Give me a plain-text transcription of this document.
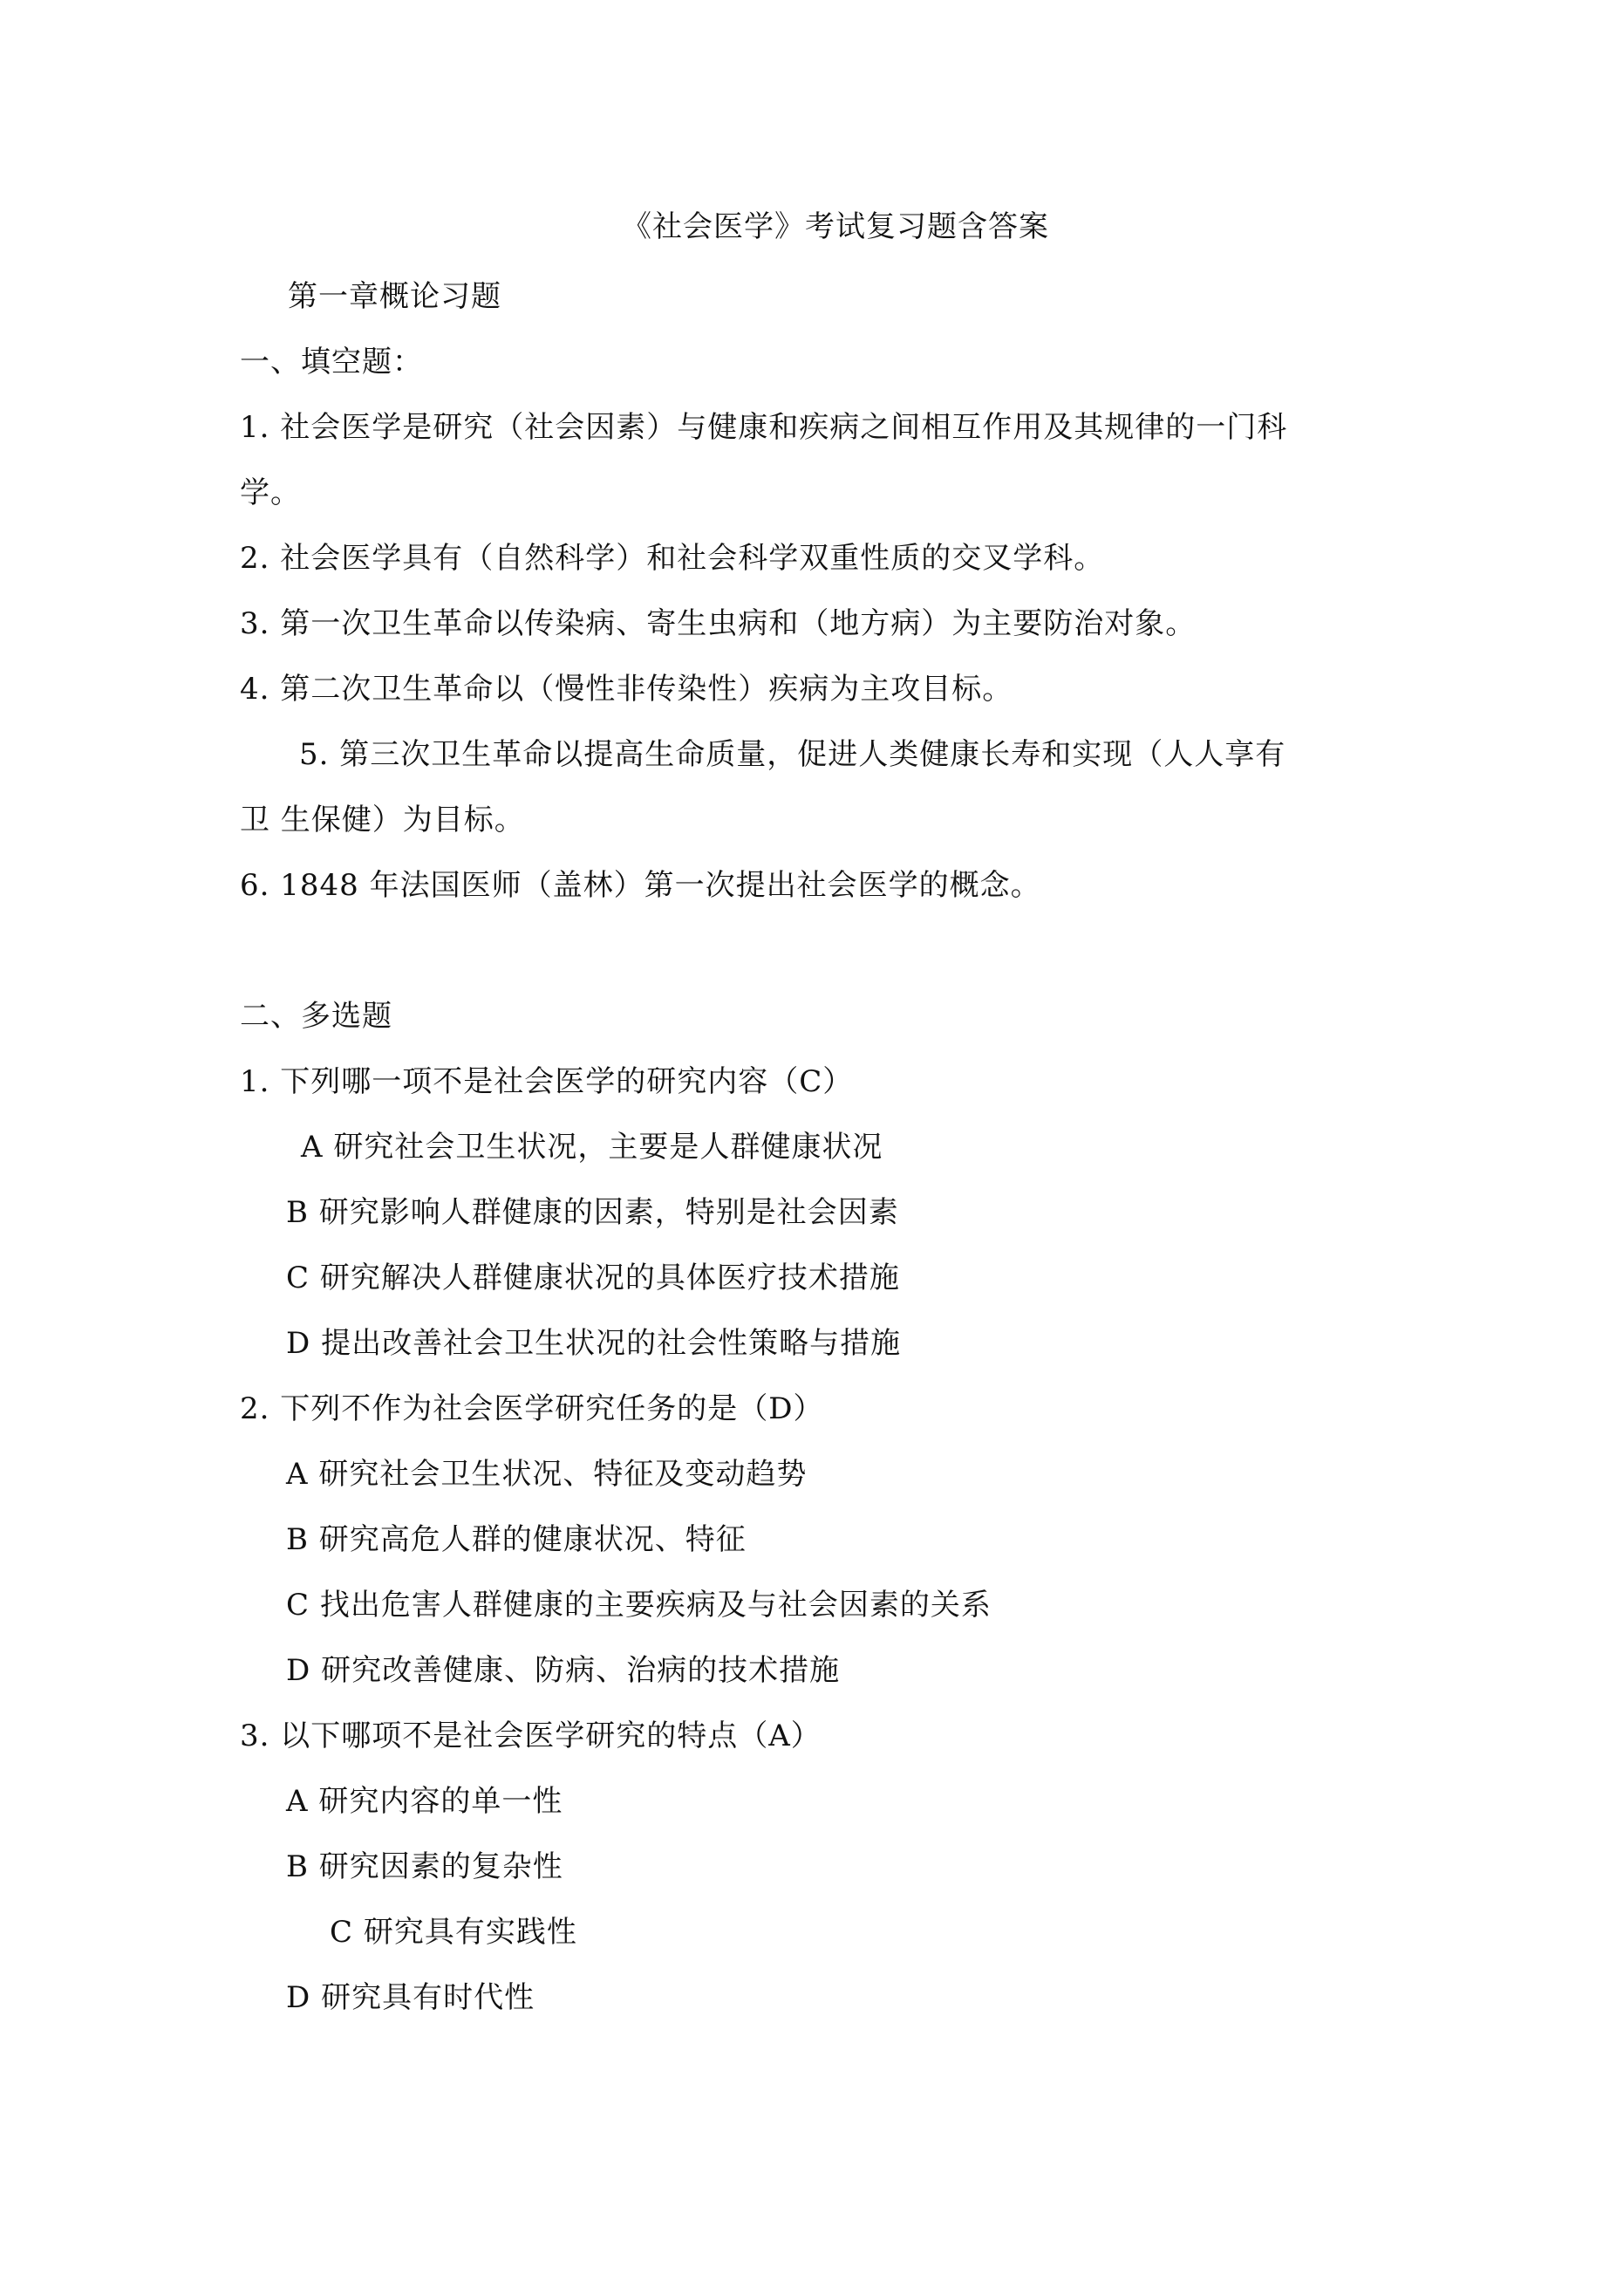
《社会医学》考试复习题含答案
第一章概论习题
一、填空题：
1. 社会医学是研究（社会因素）与健康和疾病之间相互作用及其规律的一门科
学。
2. 社会医学具有（自然科学）和社会科学双重性质的交叉学科。
3. 第一次卫生革命以传染病、寄生虫病和（地方病）为主要防治对象。
4. 第二次卫生革命以（慢性非传染性）疾病为主攻目标。
5. 第三次卫生革命以提高生命质量，促进人类健康长寿和实现（人人享有
卫 生保健）为目标。
6. 1848 年法国医师（盖林）第一次提出社会医学的概念。
二、多选题
1. 下列哪一项不是社会医学的研究内容（C）
A 研究社会卫生状况，主要是人群健康状况
B 研究影响人群健康的因素，特别是社会因素
C 研究解决人群健康状况的具体医疗技术措施
D 提出改善社会卫生状况的社会性策略与措施
2. 下列不作为社会医学研究任务的是（D）
A 研究社会卫生状况、特征及变动趋势
B 研究高危人群的健康状况、特征
C 找出危害人群健康的主要疾病及与社会因素的关系
D 研究改善健康、防病、治病的技术措施
3. 以下哪项不是社会医学研究的特点（A）
A 研究内容的单一性
B 研究因素的复杂性
C 研究具有实践性
D 研究具有时代性
